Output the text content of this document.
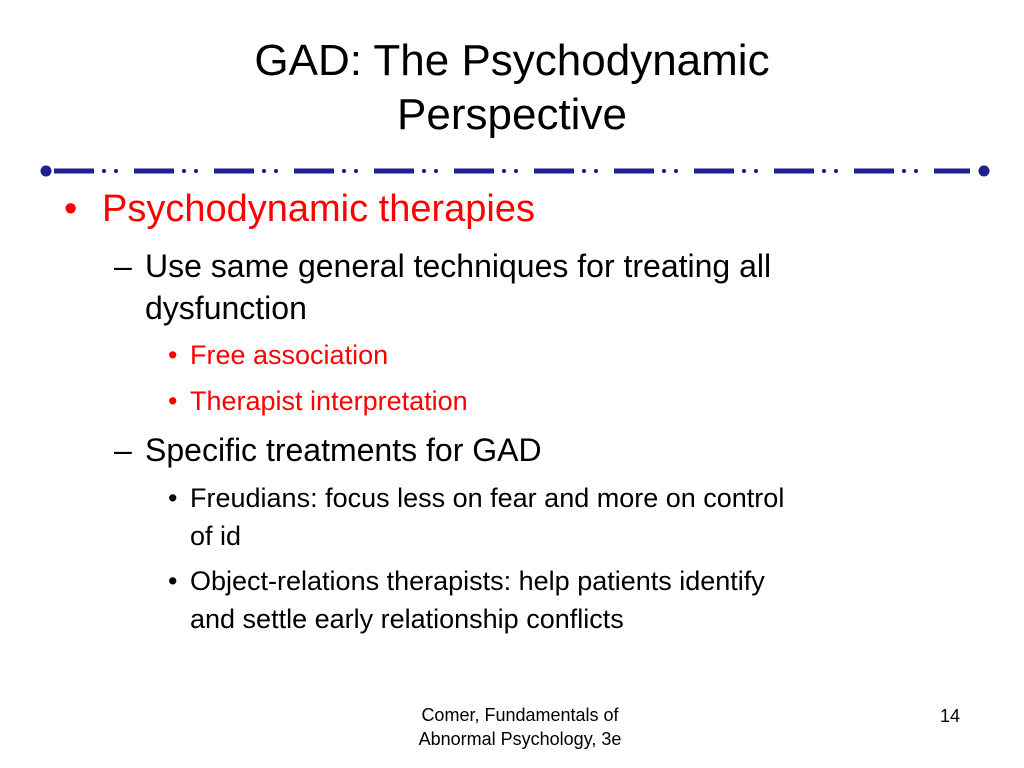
GAD: The Psychodynamic
Perspective
• Psychodynamic therapies
– Use same general techniques for treating all
dysfunction
• Free association
• Therapist interpretation
– Specific treatments for GAD
• Freudians: focus less on fear and more on control
of id
• Object-relations therapists: help patients identify
and settle early relationship conflicts
Comer, Fundamentals of
Abnormal Psychology, 3e
14
